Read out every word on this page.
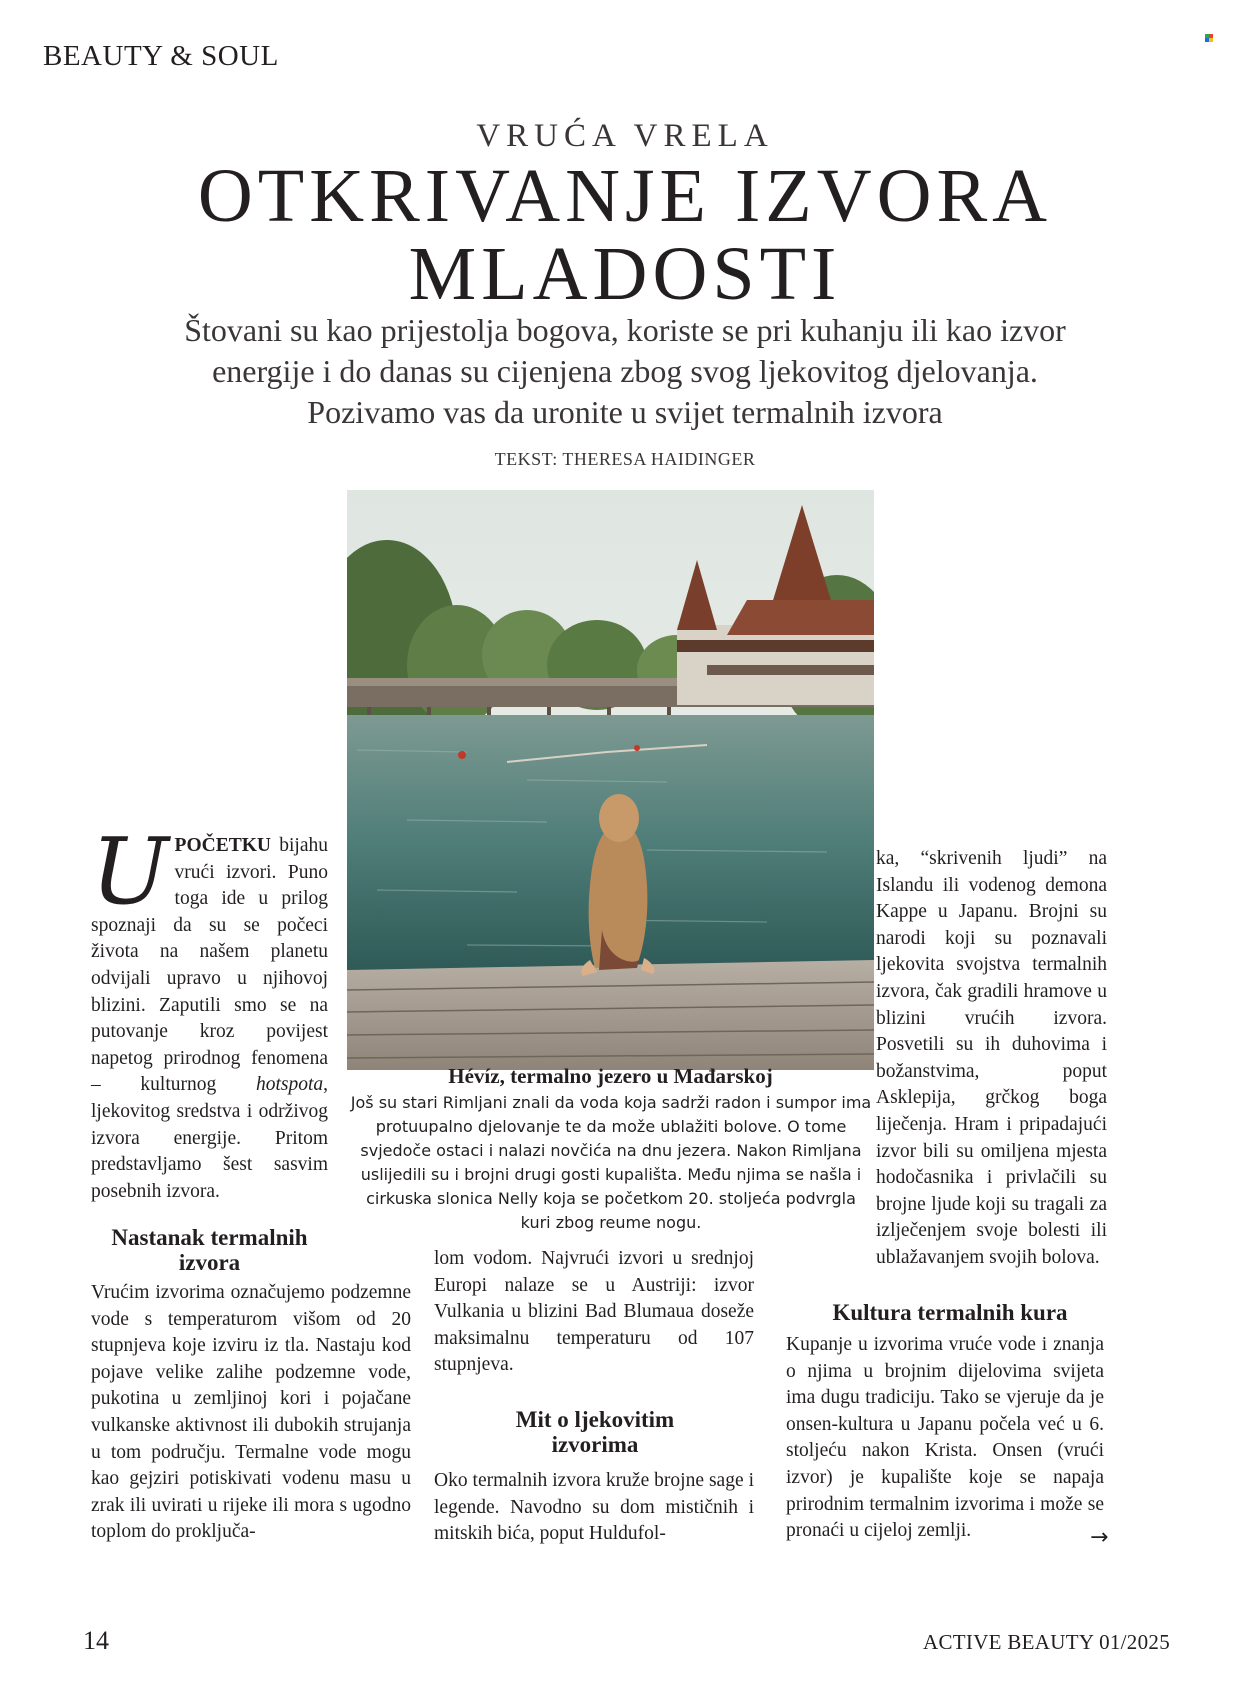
BEAUTY & SOUL
VRUĆA VRELA
OTKRIVANJE IZVORA
MLADOSTI
Štovani su kao prijestolja bogova, koriste se pri kuhanju ili kao izvor
energije i do danas su cijenjena zbog svog ljekovitog djelovanja.
Pozivamo vas da uronite u svijet termalnih izvora
TEKST: THERESA HAIDINGER
Hévíz, termalno jezero u Mađarskoj
Još su stari Rimljani znali da voda koja sadrži radon i sumpor ima protuupalno djelovanje te da može ublažiti bolove. O tome svjedoče ostaci i nalazi novčića na dnu jezera. Nakon Rimljana uslijedili su i brojni drugi gosti kupališta. Među njima se našla i cirkuska slonica Nelly koja se početkom 20. stoljeća podvrgla kuri zbog reume nogu.
UPOČETKU bijahu vrući izvori. Puno toga ide u prilog spoznaji da su se počeci života na našem planetu odvijali upravo u njihovoj blizini. Zaputili smo se na putovanje kroz povijest napetog prirodnog fenomena – kulturnog hotspota, ljekovitog sredstva i održivog izvora energije. Pritom predstavljamo šest sasvim posebnih izvora.
Nastanak termalnih izvora
Vrućim izvorima označujemo podzemne vode s temperaturom višom od 20 stupnjeva koje izviru iz tla. Nastaju kod pojave velike zalihe podzemne vode, pukotina u zemljinoj kori i pojačane vulkanske aktivnost ili dubokih strujanja u tom području. Termalne vode mogu kao gejziri potiskivati vodenu masu u zrak ili uvirati u rijeke ili mora s ugodno toplom do proključa-
lom vodom. Najvrući izvori u srednjoj Europi nalaze se u Austriji: izvor Vulkania u blizini Bad Blumaua doseže maksimalnu temperaturu od 107 stupnjeva.
Mit o ljekovitim izvorima
Oko termalnih izvora kruže brojne sage i legende. Navodno su dom mističnih i mitskih bića, poput Huldufol-
ka, “skrivenih ljudi” na Islandu ili vodenog demona Kappe u Japanu. Brojni su narodi koji su poznavali ljekovita svojstva termalnih izvora, čak gradili hramove u blizini vrućih izvora. Posvetili su ih duhovima i božanstvima, poput Asklepija, grčkog boga liječenja. Hram i pripadajući izvor bili su omiljena mjesta hodočasnika i privlačili su brojne ljude koji su tragali za izlječenjem svoje bolesti ili ublažavanjem svojih bolova.
Kultura termalnih kura
Kupanje u izvorima vruće vode i znanja o njima u brojnim dijelovima svijeta ima dugu tradiciju. Tako se vjeruje da je onsen-kultura u Japanu počela već u 6. stoljeću nakon Krista. Onsen (vrući izvor) je kupalište koje se napaja prirodnim termalnim izvorima i može se pronaći u cijeloj zemlji.	→
14	ACTIVE BEAUTY 01/2025
